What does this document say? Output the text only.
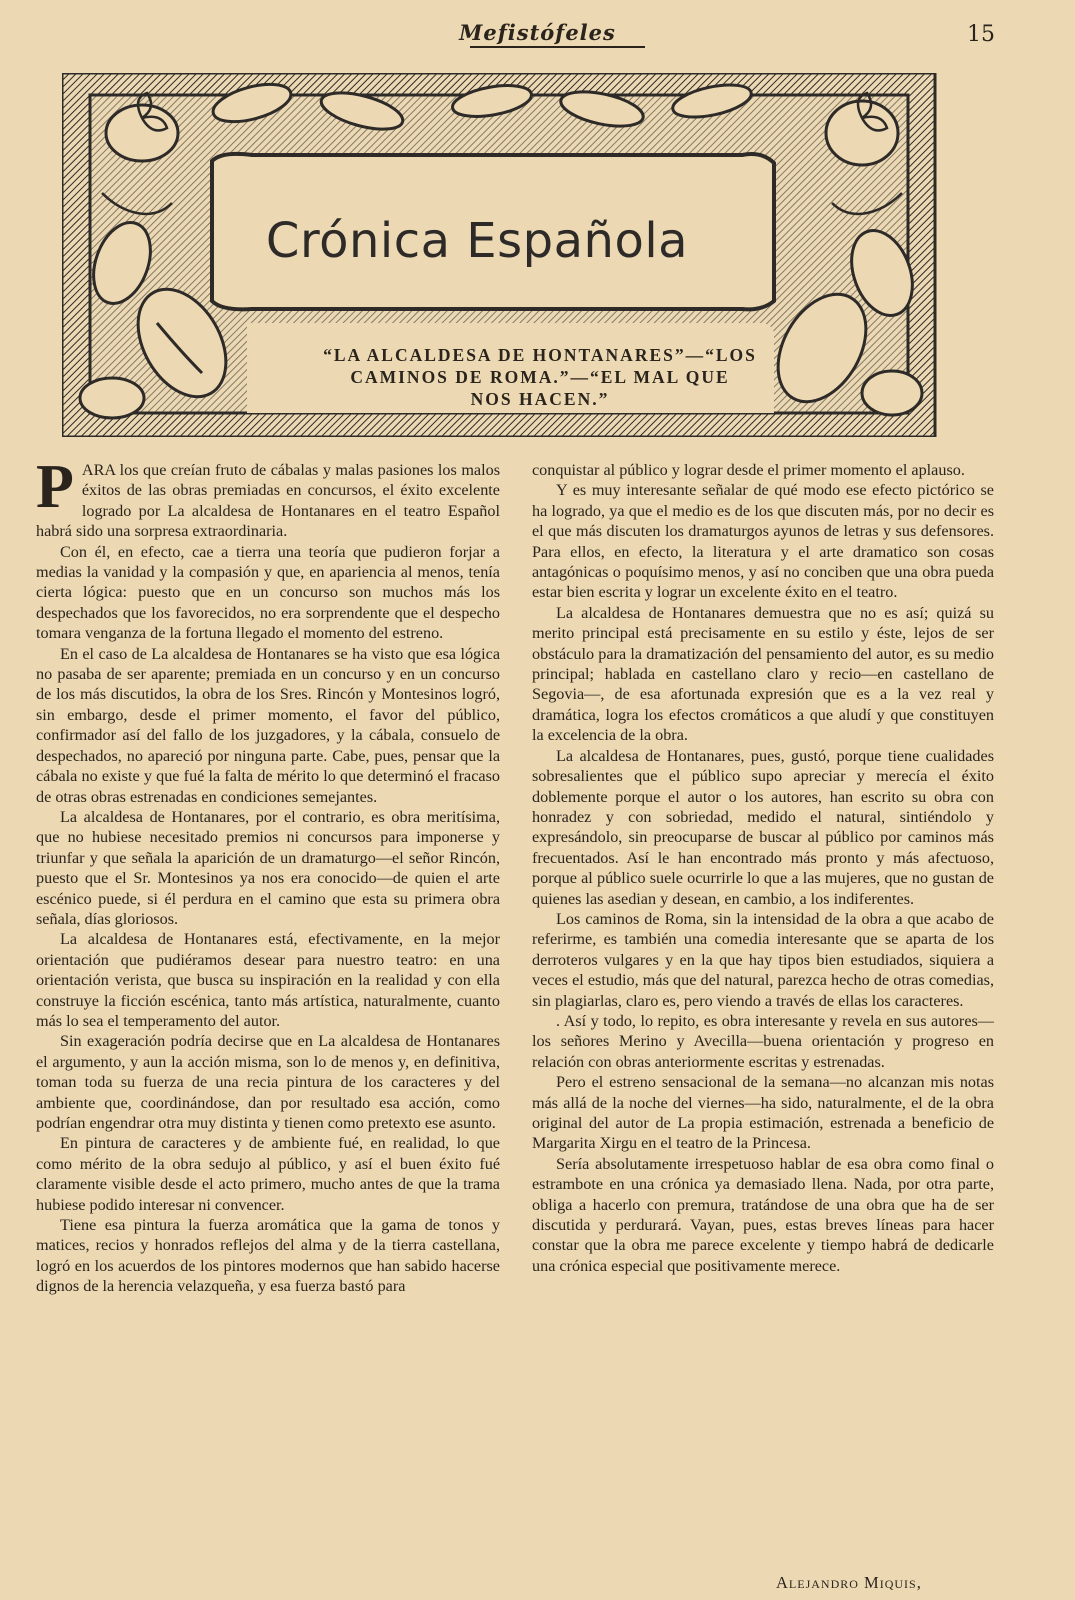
Mefistófeles	15
Crónica Española
“LA ALCALDESA DE HONTANARES”—“LOS
CAMINOS DE ROMA.”—“EL MAL QUE
NOS HACEN.”

PARA los que creían fruto de cábalas y malas pasiones los malos éxitos de las obras premiadas en concursos, el éxito excelente logrado por La alcaldesa de Hontanares en el teatro Español habrá sido una sorpresa extraordinaria.

Con él, en efecto, cae a tierra una teoría que pudieron forjar a medias la vanidad y la compasión y que, en apariencia al menos, tenía cierta lógica: puesto que en un concurso son muchos más los despechados que los favorecidos, no era sorprendente que el despecho tomara venganza de la fortuna llegado el momento del estreno.

En el caso de La alcaldesa de Hontanares se ha visto que esa lógica no pasaba de ser aparente; premiada en un concurso y en un concurso de los más discutidos, la obra de los Sres. Rincón y Montesinos logró, sin embargo, desde el primer momento, el favor del público, confirmador así del fallo de los juzgadores, y la cábala, consuelo de despechados, no apareció por ninguna parte. Cabe, pues, pensar que la cábala no existe y que fué la falta de mérito lo que determinó el fracaso de otras obras estrenadas en condiciones semejantes.

La alcaldesa de Hontanares, por el contrario, es obra meritísima, que no hubiese necesitado premios ni concursos para imponerse y triunfar y que señala la aparición de un dramaturgo—el señor Rincón, puesto que el Sr. Montesinos ya nos era conocido—de quien el arte escénico puede, si él perdura en el camino que esta su primera obra señala, días gloriosos.

La alcaldesa de Hontanares está, efectivamente, en la mejor orientación que pudiéramos desear para nuestro teatro: en una orientación verista, que busca su inspiración en la realidad y con ella construye la ficción escénica, tanto más artística, naturalmente, cuanto más lo sea el temperamento del autor.

Sin exageración podría decirse que en La alcaldesa de Hontanares el argumento, y aun la acción misma, son lo de menos y, en definitiva, toman toda su fuerza de una recia pintura de los caracteres y del ambiente que, coordinándose, dan por resultado esa acción, como podrían engendrar otra muy distinta y tienen como pretexto ese asunto.

En pintura de caracteres y de ambiente fué, en realidad, lo que como mérito de la obra sedujo al público, y así el buen éxito fué claramente visible desde el acto primero, mucho antes de que la trama hubiese podido interesar ni convencer.

Tiene esa pintura la fuerza aromática que la gama de tonos y matices, recios y honrados reflejos del alma y de la tierra castellana, logró en los acuerdos de los pintores modernos que han sabido hacerse dignos de la herencia velazqueña, y esa fuerza bastó para

conquistar al público y lograr desde el primer momento el aplauso.

Y es muy interesante señalar de qué modo ese efecto pictórico se ha logrado, ya que el medio es de los que discuten más, por no decir es el que más discuten los dramaturgos ayunos de letras y sus defensores. Para ellos, en efecto, la literatura y el arte dramatico son cosas antagónicas o poquísimo menos, y así no conciben que una obra pueda estar bien escrita y lograr un excelente éxito en el teatro.

La alcaldesa de Hontanares demuestra que no es así; quizá su merito principal está precisamente en su estilo y éste, lejos de ser obstáculo para la dramatización del pensamiento del autor, es su medio principal; hablada en castellano claro y recio—en castellano de Segovia—, de esa afortunada expresión que es a la vez real y dramática, logra los efectos cromáticos a que aludí y que constituyen la excelencia de la obra.

La alcaldesa de Hontanares, pues, gustó, porque tiene cualidades sobresalientes que el público supo apreciar y merecía el éxito doblemente porque el autor o los autores, han escrito su obra con honradez y con sobriedad, medido el natural, sintiéndolo y expresándolo, sin preocuparse de buscar al público por caminos más frecuentados. Así le han encontrado más pronto y más afectuoso, porque al público suele ocurrirle lo que a las mujeres, que no gustan de quienes las asedian y desean, en cambio, a los indiferentes.

Los caminos de Roma, sin la intensidad de la obra a que acabo de referirme, es también una comedia interesante que se aparta de los derroteros vulgares y en la que hay tipos bien estudiados, siquiera a veces el estudio, más que del natural, parezca hecho de otras comedias, sin plagiarlas, claro es, pero viendo a través de ellas los caracteres.

. Así y todo, lo repito, es obra interesante y revela en sus autores—los señores Merino y Avecilla—buena orientación y progreso en relación con obras anteriormente escritas y estrenadas.

Pero el estreno sensacional de la semana—no alcanzan mis notas más allá de la noche del viernes—ha sido, naturalmente, el de la obra original del autor de La propia estimación, estrenada a beneficio de Margarita Xirgu en el teatro de la Princesa.

Sería absolutamente irrespetuoso hablar de esa obra como final o estrambote en una crónica ya demasiado llena. Nada, por otra parte, obliga a hacerlo con premura, tratándose de una obra que ha de ser discutida y perdurará. Vayan, pues, estas breves líneas para hacer constar que la obra me parece excelente y tiempo habrá de dedicarle una crónica especial que positivamente merece.

Alejandro Miquis,
